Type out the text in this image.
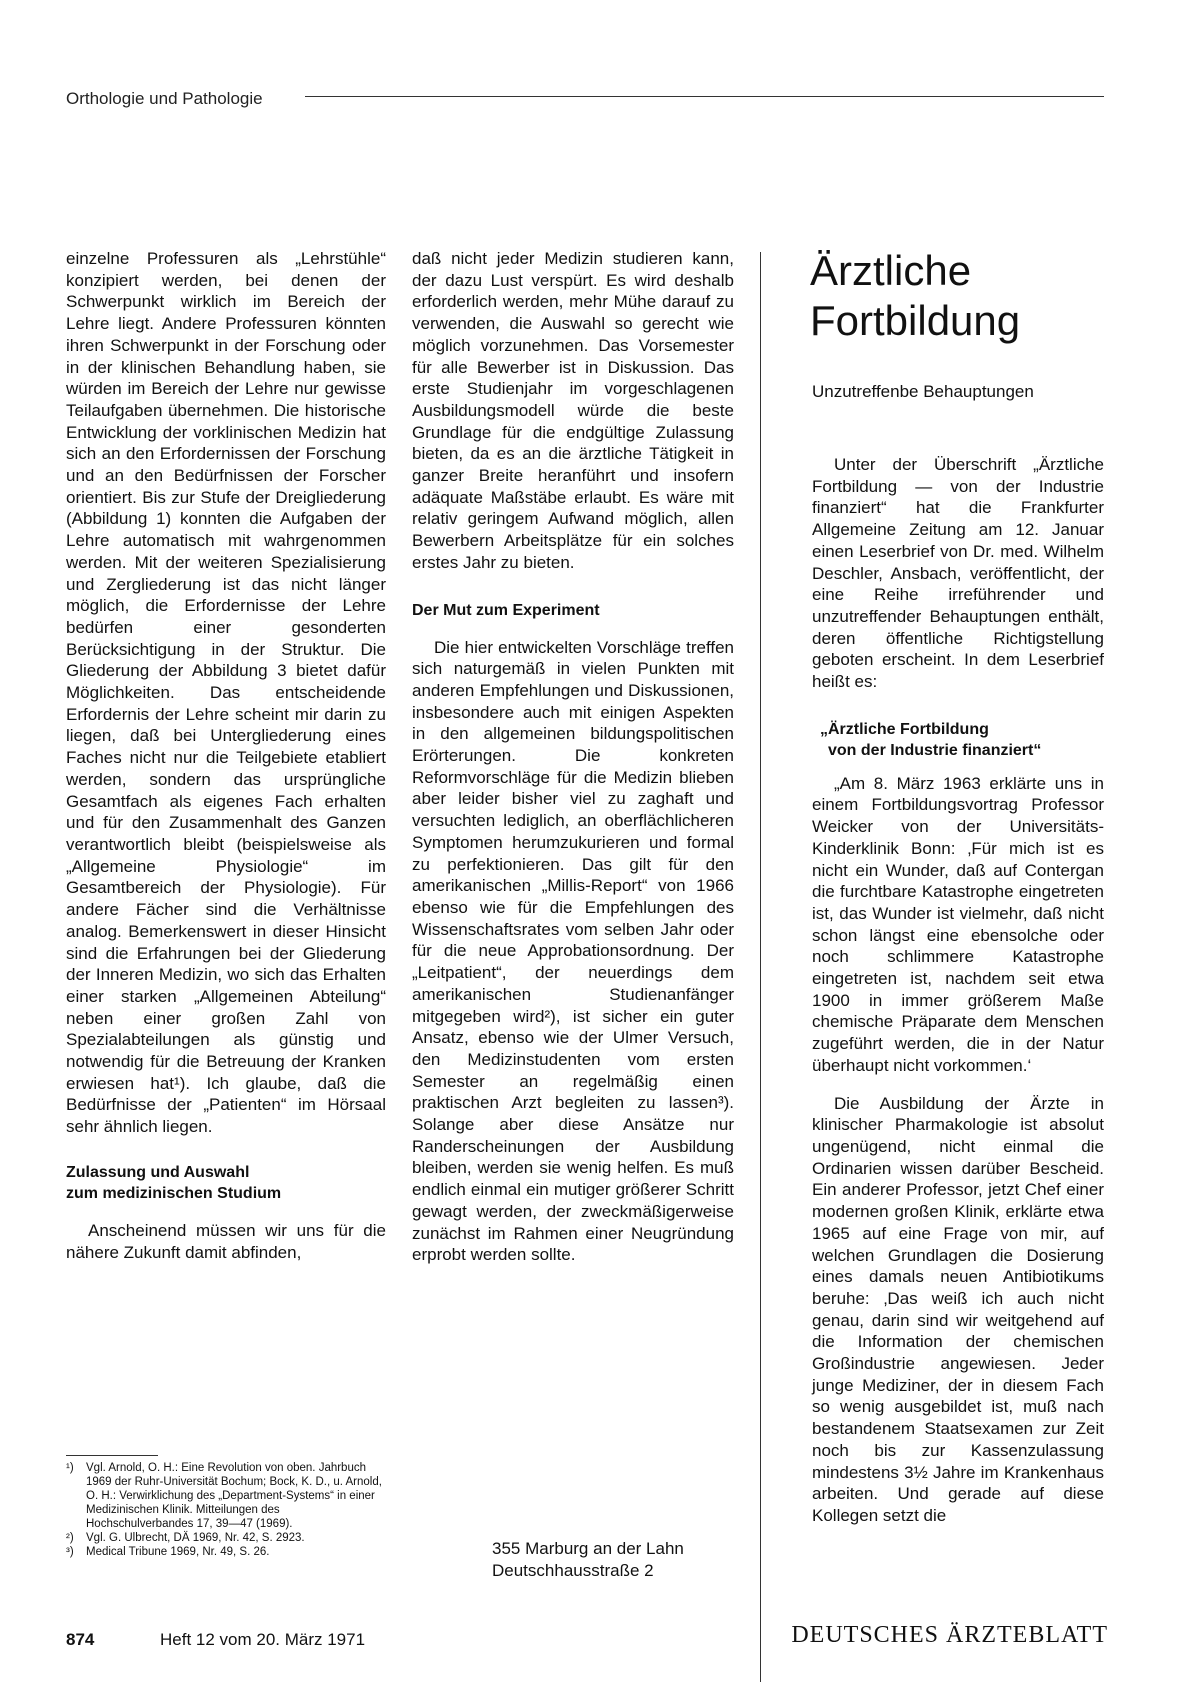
Orthologie und Pathologie

einzelne Professuren als „Lehrstühle“ konzipiert werden, bei denen der Schwerpunkt wirklich im Bereich der Lehre liegt. Andere Professuren könnten ihren Schwerpunkt in der Forschung oder in der klinischen Behandlung haben, sie würden im Bereich der Lehre nur gewisse Teilaufgaben übernehmen. Die historische Entwicklung der vorklinischen Medizin hat sich an den Erfordernissen der Forschung und an den Bedürfnissen der Forscher orientiert. Bis zur Stufe der Dreigliederung (Abbildung 1) konnten die Aufgaben der Lehre automatisch mit wahrgenommen werden. Mit der weiteren Spezialisierung und Zergliederung ist das nicht länger möglich, die Erfordernisse der Lehre bedürfen einer gesonderten Berücksichtigung in der Struktur. Die Gliederung der Abbildung 3 bietet dafür Möglichkeiten. Das entscheidende Erfordernis der Lehre scheint mir darin zu liegen, daß bei Untergliederung eines Faches nicht nur die Teilgebiete etabliert werden, sondern das ursprüngliche Gesamtfach als eigenes Fach erhalten und für den Zusammenhalt des Ganzen verantwortlich bleibt (beispielsweise als „Allgemeine Physiologie“ im Gesamtbereich der Physiologie). Für andere Fächer sind die Verhältnisse analog. Bemerkenswert in dieser Hinsicht sind die Erfahrungen bei der Gliederung der Inneren Medizin, wo sich das Erhalten einer starken „Allgemeinen Abteilung“ neben einer großen Zahl von Spezialabteilungen als günstig und notwendig für die Betreuung der Kranken erwiesen hat¹). Ich glaube, daß die Bedürfnisse der „Patienten“ im Hörsaal sehr ähnlich liegen.

Zulassung und Auswahl
zum medizinischen Studium

Anscheinend müssen wir uns für die nähere Zukunft damit abfinden,

daß nicht jeder Medizin studieren kann, der dazu Lust verspürt. Es wird deshalb erforderlich werden, mehr Mühe darauf zu verwenden, die Auswahl so gerecht wie möglich vorzunehmen. Das Vorsemester für alle Bewerber ist in Diskussion. Das erste Studienjahr im vorgeschlagenen Ausbildungsmodell würde die beste Grundlage für die endgültige Zulassung bieten, da es an die ärztliche Tätigkeit in ganzer Breite heranführt und insofern adäquate Maßstäbe erlaubt. Es wäre mit relativ geringem Aufwand möglich, allen Bewerbern Arbeitsplätze für ein solches erstes Jahr zu bieten.

Der Mut zum Experiment

Die hier entwickelten Vorschläge treffen sich naturgemäß in vielen Punkten mit anderen Empfehlungen und Diskussionen, insbesondere auch mit einigen Aspekten in den allgemeinen bildungspolitischen Erörterungen. Die konkreten Reformvorschläge für die Medizin blieben aber leider bisher viel zu zaghaft und versuchten lediglich, an oberflächlicheren Symptomen herumzukurieren und formal zu perfektionieren. Das gilt für den amerikanischen „Millis-Report“ von 1966 ebenso wie für die Empfehlungen des Wissenschaftsrates vom selben Jahr oder für die neue Approbationsordnung. Der „Leitpatient“, der neuerdings dem amerikanischen Studienanfänger mitgegeben wird²), ist sicher ein guter Ansatz, ebenso wie der Ulmer Versuch, den Medizinstudenten vom ersten Semester an regelmäßig einen praktischen Arzt begleiten zu lassen³). Solange aber diese Ansätze nur Randerscheinungen der Ausbildung bleiben, werden sie wenig helfen. Es muß endlich einmal ein mutiger größerer Schritt gewagt werden, der zweckmäßigerweise zunächst im Rahmen einer Neugründung erprobt werden sollte.

Ärztliche
Fortbildung
Unzutreffenbe Behauptungen

Unter der Überschrift „Ärztliche Fortbildung — von der Industrie finanziert“ hat die Frankfurter Allgemeine Zeitung am 12. Januar einen Leserbrief von Dr. med. Wilhelm Deschler, Ansbach, veröffentlicht, der eine Reihe irreführender und unzutreffender Behauptungen enthält, deren öffentliche Richtigstellung geboten erscheint. In dem Leserbrief heißt es:

„Ärztliche Fortbildung
von der Industrie finanziert“

„Am 8. März 1963 erklärte uns in einem Fortbildungsvortrag Professor Weicker von der Universitäts-Kinderklinik Bonn: ‚Für mich ist es nicht ein Wunder, daß auf Contergan die furchtbare Katastrophe eingetreten ist, das Wunder ist vielmehr, daß nicht schon längst eine ebensolche oder noch schlimmere Katastrophe eingetreten ist, nachdem seit etwa 1900 in immer größerem Maße chemische Präparate dem Menschen zugeführt werden, die in der Natur überhaupt nicht vorkommen.‘

Die Ausbildung der Ärzte in klinischer Pharmakologie ist absolut ungenügend, nicht einmal die Ordinarien wissen darüber Bescheid. Ein anderer Professor, jetzt Chef einer modernen großen Klinik, erklärte etwa 1965 auf eine Frage von mir, auf welchen Grundlagen die Dosierung eines damals neuen Antibiotikums beruhe: ‚Das weiß ich auch nicht genau, darin sind wir weitgehend auf die Information der chemischen Großindustrie angewiesen. Jeder junge Mediziner, der in diesem Fach so wenig ausgebildet ist, muß nach bestandenem Staatsexamen zur Zeit noch bis zur Kassenzulassung mindestens 3½ Jahre im Krankenhaus arbeiten. Und gerade auf diese Kollegen setzt die

¹)	Vgl. Arnold, O. H.: Eine Revolution von oben. Jahrbuch 1969 der Ruhr-Universität Bochum; Bock, K. D., u. Arnold, O. H.: Verwirklichung des „Department-Systems“ in einer Medizinischen Klinik. Mitteilungen des Hochschulverbandes 17, 39—47 (1969).
²)	Vgl. G. Ulbrecht, DÄ 1969, Nr. 42, S. 2923.
³)	Medical Tribune 1969, Nr. 49, S. 26.	355 Marburg an der Lahn
Deutschhausstraße 2
874	Heft 12 vom 20. März 1971	DEUTSCHES ÄRZTEBLATT
